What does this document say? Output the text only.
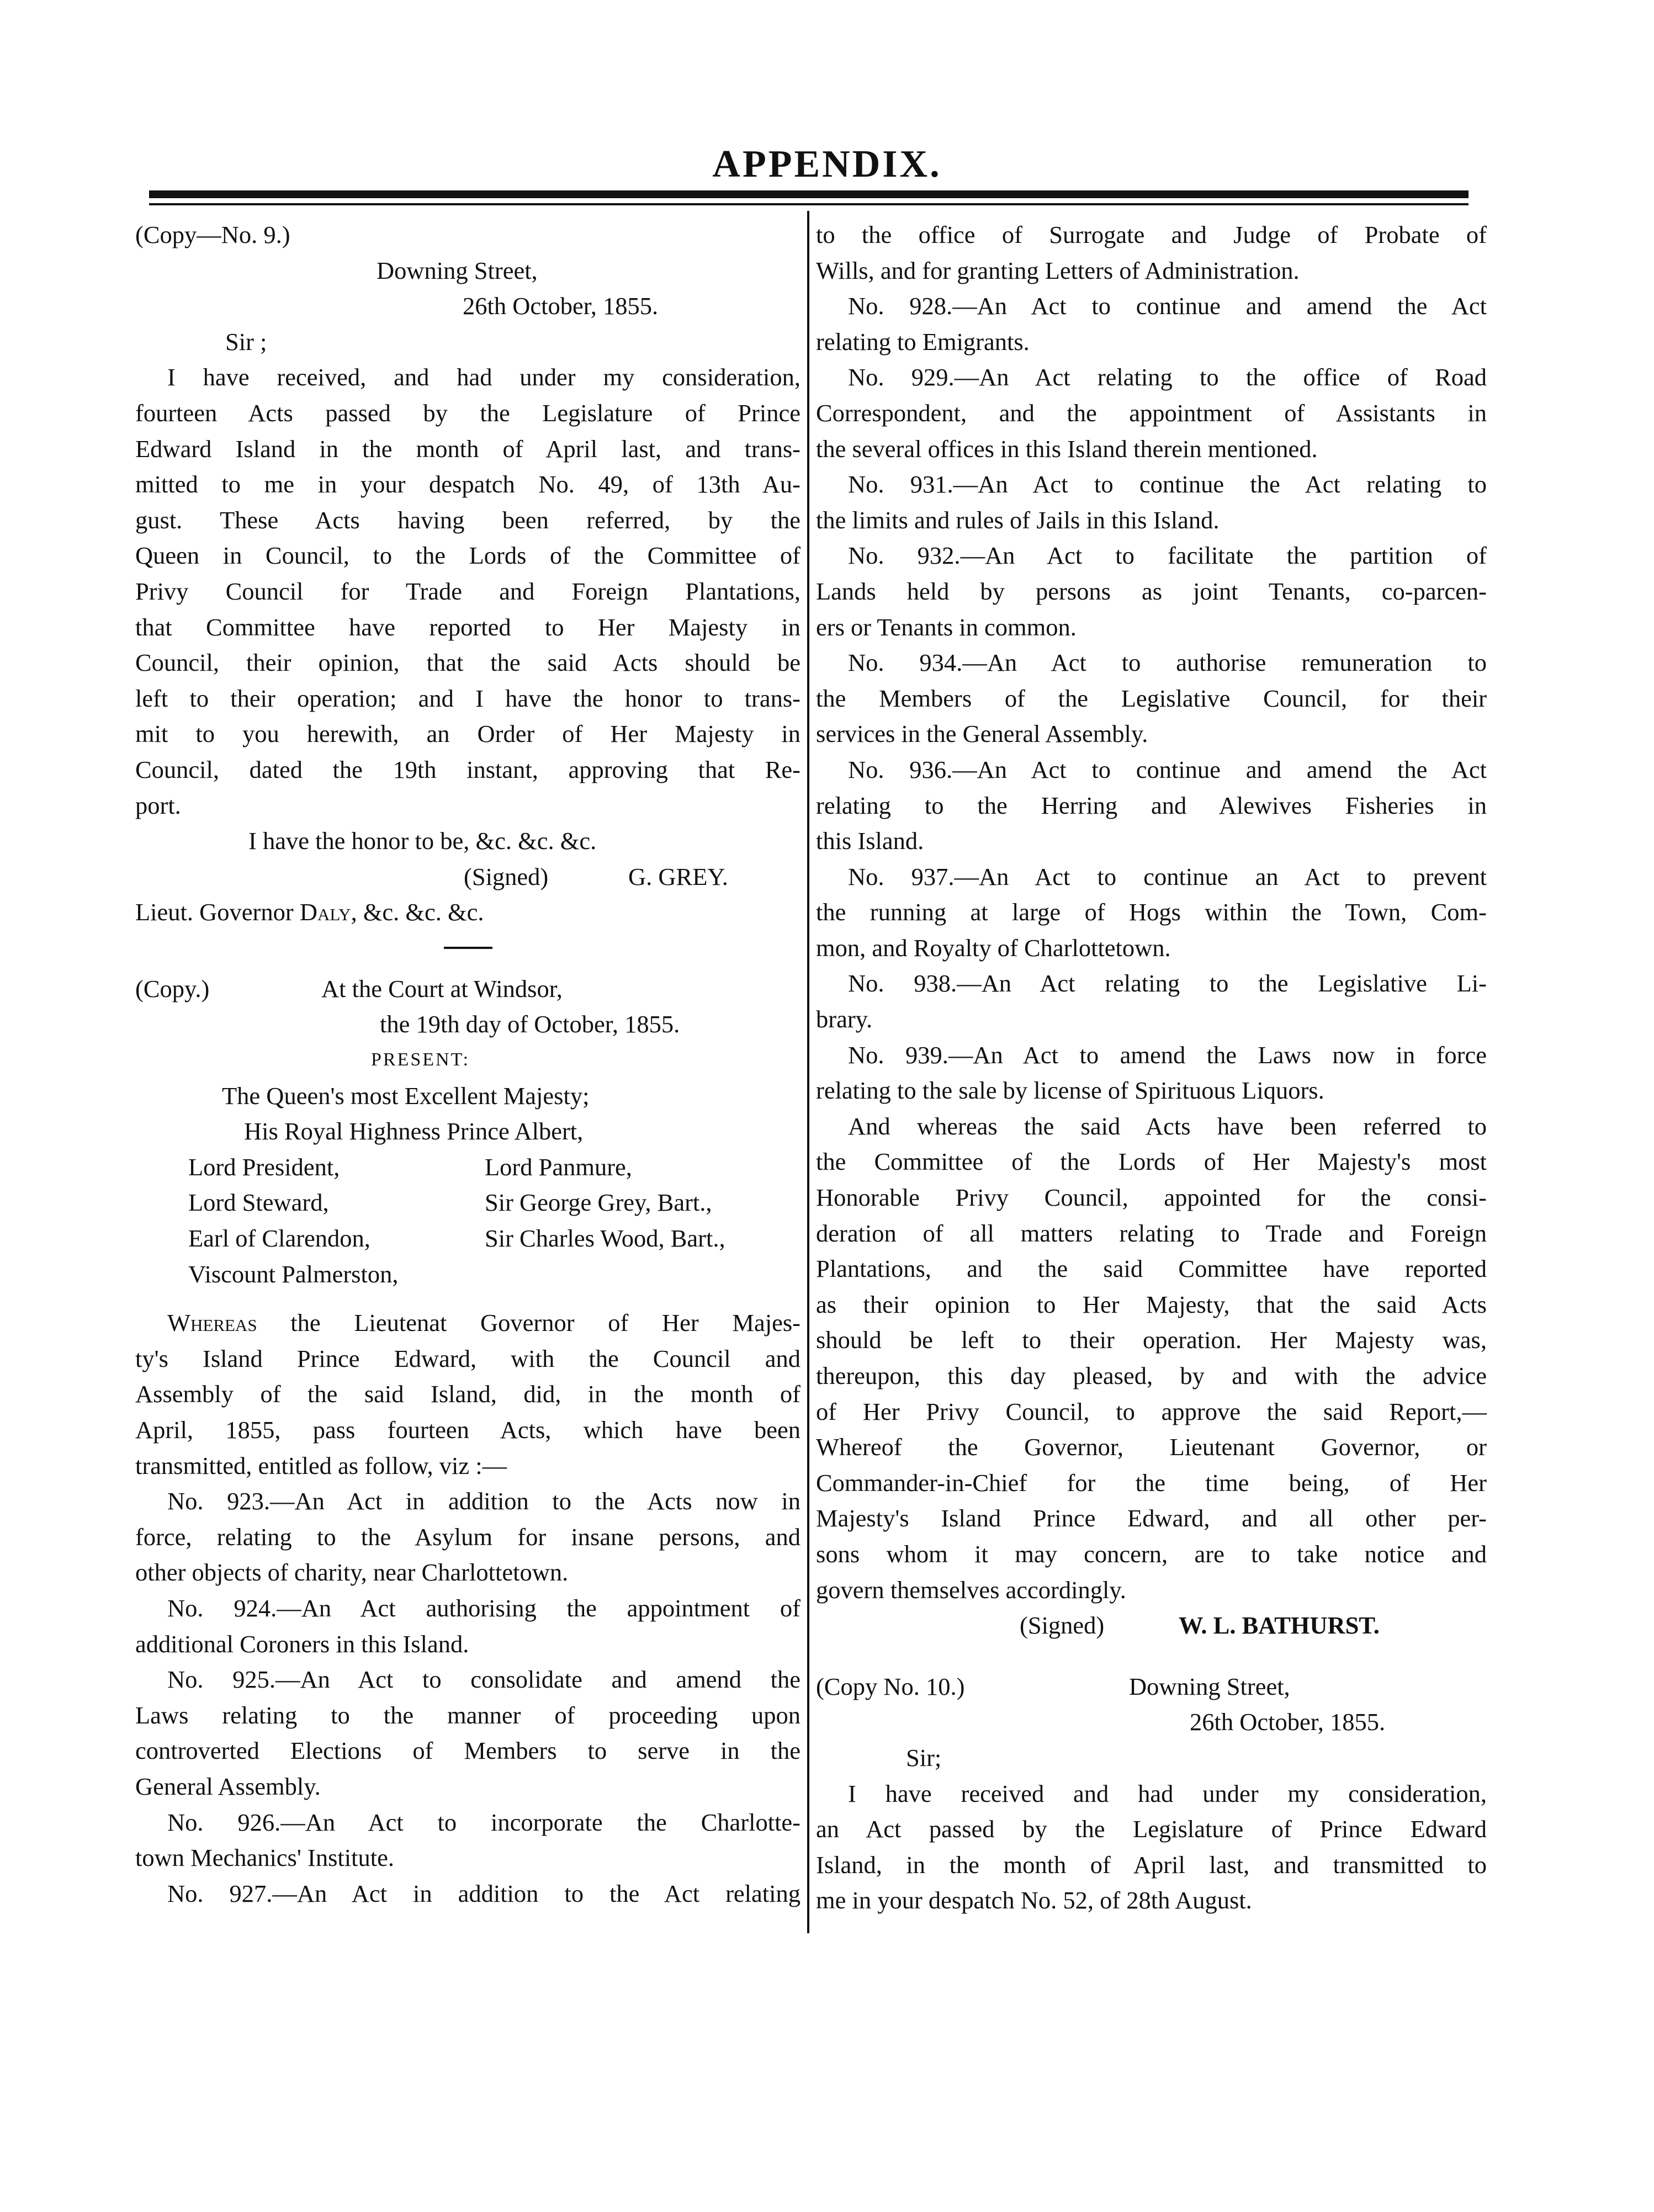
APPENDIX.
(Copy—No. 9.)
Downing Street,
26th October, 1855.
Sir ;
I have received, and had under my consideration,
fourteen Acts passed by the Legislature of Prince
Edward Island in the month of April last, and trans-
mitted to me in your despatch No. 49, of 13th Au-
gust. These Acts having been referred, by the
Queen in Council, to the Lords of the Committee of
Privy Council for Trade and Foreign Plantations,
that Committee have reported to Her Majesty in
Council, their opinion, that the said Acts should be
left to their operation; and I have the honor to trans-
mit to you herewith, an Order of Her Majesty in
Council, dated the 19th instant, approving that Re-
port.
I have the honor to be, &c. &c. &c.
(Signed)	G. GREY.
Lieut. Governor Daly, &c. &c. &c.
(Copy.)	At the Court at Windsor,
the 19th day of October, 1855.
PRESENT:
The Queen's most Excellent Majesty;
His Royal Highness Prince Albert,
Lord President,
Lord Steward,
Earl of Clarendon,
Viscount Palmerston,
Lord Panmure,
Sir George Grey, Bart.,
Sir Charles Wood, Bart.,
Whereas the Lieutenat Governor of Her Majes-
ty's Island Prince Edward, with the Council and
Assembly of the said Island, did, in the month of
April, 1855, pass fourteen Acts, which have been
transmitted, entitled as follow, viz :—
No. 923.—An Act in addition to the Acts now in
force, relating to the Asylum for insane persons, and
other objects of charity, near Charlottetown.
No. 924.—An Act authorising the appointment of
additional Coroners in this Island.
No. 925.—An Act to consolidate and amend the
Laws relating to the manner of proceeding upon
controverted Elections of Members to serve in the
General Assembly.
No. 926.—An Act to incorporate the Charlotte-
town Mechanics' Institute.
No. 927.—An Act in addition to the Act relating
to the office of Surrogate and Judge of Probate of
Wills, and for granting Letters of Administration.
No. 928.—An Act to continue and amend the Act
relating to Emigrants.
No. 929.—An Act relating to the office of Road
Correspondent, and the appointment of Assistants in
the several offices in this Island therein mentioned.
No. 931.—An Act to continue the Act relating to
the limits and rules of Jails in this Island.
No. 932.—An Act to facilitate the partition of
Lands held by persons as joint Tenants, co-parcen-
ers or Tenants in common.
No. 934.—An Act to authorise remuneration to
the Members of the Legislative Council, for their
services in the General Assembly.
No. 936.—An Act to continue and amend the Act
relating to the Herring and Alewives Fisheries in
this Island.
No. 937.—An Act to continue an Act to prevent
the running at large of Hogs within the Town, Com-
mon, and Royalty of Charlottetown.
No. 938.—An Act relating to the Legislative Li-
brary.
No. 939.—An Act to amend the Laws now in force
relating to the sale by license of Spirituous Liquors.
And whereas the said Acts have been referred to
the Committee of the Lords of Her Majesty's most
Honorable Privy Council, appointed for the consi-
deration of all matters relating to Trade and Foreign
Plantations, and the said Committee have reported
as their opinion to Her Majesty, that the said Acts
should be left to their operation. Her Majesty was,
thereupon, this day pleased, by and with the advice
of Her Privy Council, to approve the said Report,—
Whereof the Governor, Lieutenant Governor, or
Commander-in-Chief for the time being, of Her
Majesty's Island Prince Edward, and all other per-
sons whom it may concern, are to take notice and
govern themselves accordingly.
(Signed)	W. L. BATHURST.
(Copy No. 10.)	Downing Street,
26th October, 1855.
Sir;
I have received and had under my consideration,
an Act passed by the Legislature of Prince Edward
Island, in the month of April last, and transmitted to
me in your despatch No. 52, of 28th August.
